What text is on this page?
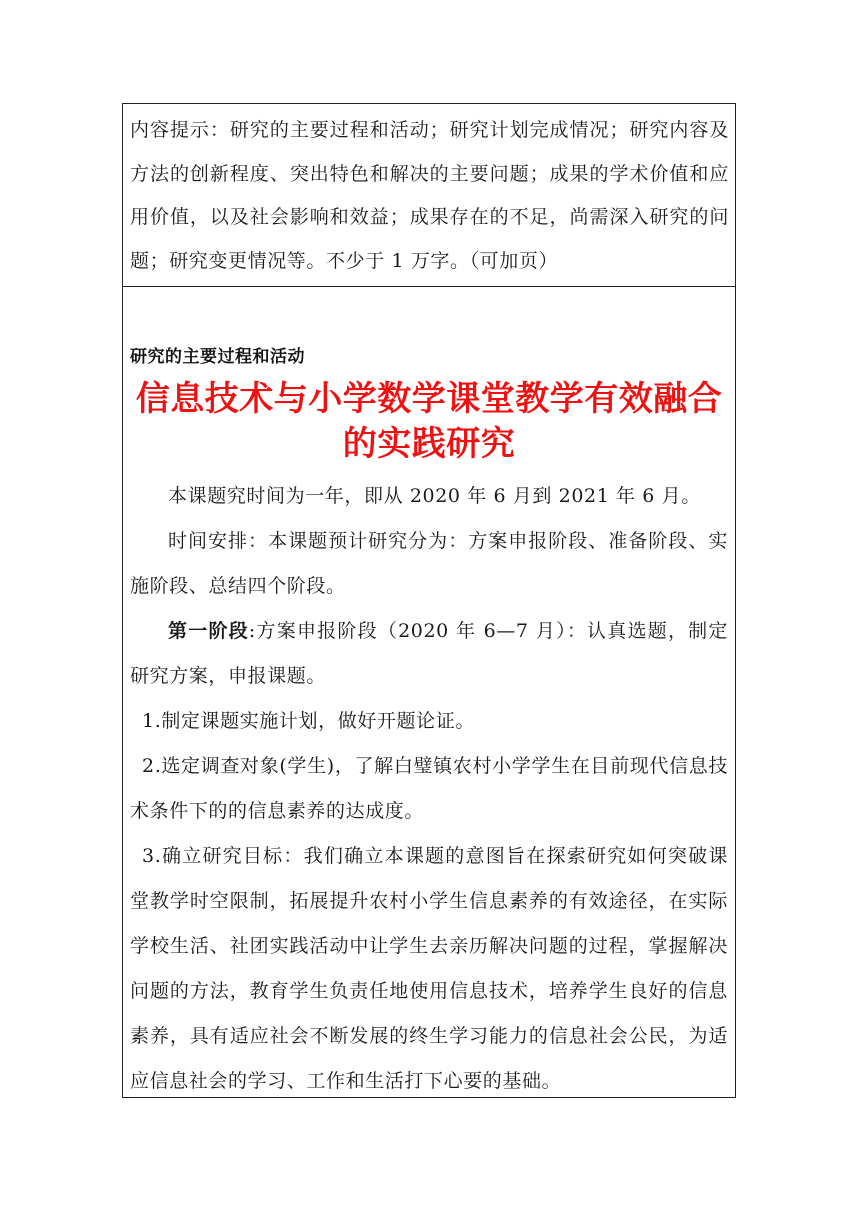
内容提示：研究的主要过程和活动；研究计划完成情况；研究内容及方法的创新程度、突出特色和解决的主要问题；成果的学术价值和应用价值，以及社会影响和效益；成果存在的不足，尚需深入研究的问题；研究变更情况等。不少于 1 万字。（可加页）

研究的主要过程和活动

信息技术与小学数学课堂教学有效融合的实践研究

本课题究时间为一年，即从 2020 年 6 月到 2021 年 6 月。

时间安排：本课题预计研究分为：方案申报阶段、准备阶段、实施阶段、总结四个阶段。

第一阶段:方案申报阶段（2020 年 6—7 月）：认真选题，制定研究方案，申报课题。

1.制定课题实施计划，做好开题论证。

2.选定调查对象(学生)，了解白璧镇农村小学学生在目前现代信息技术条件下的的信息素养的达成度。

3.确立研究目标：我们确立本课题的意图旨在探索研究如何突破课堂教学时空限制，拓展提升农村小学生信息素养的有效途径，在实际学校生活、社团实践活动中让学生去亲历解决问题的过程，掌握解决问题的方法，教育学生负责任地使用信息技术，培养学生良好的信息素养，具有适应社会不断发展的终生学习能力的信息社会公民，为适应信息社会的学习、工作和生活打下心要的基础。
